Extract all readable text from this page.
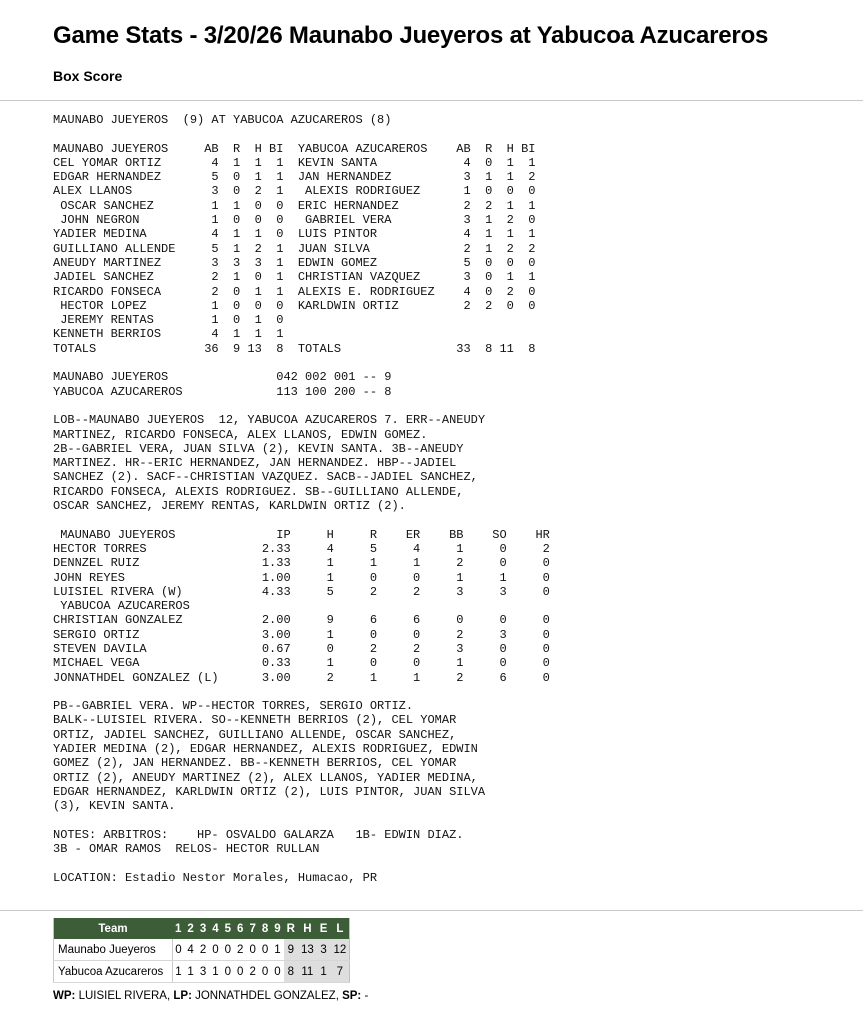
Game Stats - 3/20/26 Maunabo Jueyeros at Yabucoa Azucareros
Box Score
MAUNABO JUEYEROS  (9) AT YABUCOA AZUCAREROS (8)
MAUNABO JUEYEROS     AB  R  H BI  YABUCOA AZUCAREROS    AB  R  H BI
CEL YOMAR ORTIZ       4  1  1  1  KEVIN SANTA            4  0  1  1
EDGAR HERNANDEZ       5  0  1  1  JAN HERNANDEZ          3  1  1  2
ALEX LLANOS           3  0  2  1   ALEXIS RODRIGUEZ      1  0  0  0
OSCAR SANCHEZ        1  1  0  0  ERIC HERNANDEZ         2  2  1  1
JOHN NEGRON          1  0  0  0   GABRIEL VERA          3  1  2  0
YADIER MEDINA         4  1  1  0  LUIS PINTOR            4  1  1  1
GUILLIANO ALLENDE     5  1  2  1  JUAN SILVA             2  1  2  2
ANEUDY MARTINEZ       3  3  3  1  EDWIN GOMEZ            5  0  0  0
JADIEL SANCHEZ        2  1  0  1  CHRISTIAN VAZQUEZ      3  0  1  1
RICARDO FONSECA       2  0  1  1  ALEXIS E. RODRIGUEZ    4  0  2  0
HECTOR LOPEZ         1  0  0  0  KARLDWIN ORTIZ         2  2  0  0
JEREMY RENTAS        1  0  1  0
KENNETH BERRIOS       4  1  1  1
TOTALS               36  9 13  8  TOTALS                33  8 11  8
MAUNABO JUEYEROS               042 002 001 -- 9
YABUCOA AZUCAREROS             113 100 200 -- 8
LOB--MAUNABO JUEYEROS  12, YABUCOA AZUCAREROS 7. ERR--ANEUDY
MARTINEZ, RICARDO FONSECA, ALEX LLANOS, EDWIN GOMEZ.
2B--GABRIEL VERA, JUAN SILVA (2), KEVIN SANTA. 3B--ANEUDY
MARTINEZ. HR--ERIC HERNANDEZ, JAN HERNANDEZ. HBP--JADIEL
SANCHEZ (2). SACF--CHRISTIAN VAZQUEZ. SACB--JADIEL SANCHEZ,
RICARDO FONSECA, ALEXIS RODRIGUEZ. SB--GUILLIANO ALLENDE,
OSCAR SANCHEZ, JEREMY RENTAS, KARLDWIN ORTIZ (2).
MAUNABO JUEYEROS              IP     H     R    ER    BB    SO    HR
HECTOR TORRES                2.33     4     5     4     1     0     2
DENNZEL RUIZ                 1.33     1     1     1     2     0     0
JOHN REYES                   1.00     1     0     0     1     1     0
LUISIEL RIVERA (W)           4.33     5     2     2     3     3     0
YABUCOA AZUCAREROS
CHRISTIAN GONZALEZ           2.00     9     6     6     0     0     0
SERGIO ORTIZ                 3.00     1     0     0     2     3     0
STEVEN DAVILA                0.67     0     2     2     3     0     0
MICHAEL VEGA                 0.33     1     0     0     1     0     0
JONNATHDEL GONZALEZ (L)      3.00     2     1     1     2     6     0
PB--GABRIEL VERA. WP--HECTOR TORRES, SERGIO ORTIZ.
BALK--LUISIEL RIVERA. SO--KENNETH BERRIOS (2), CEL YOMAR
ORTIZ, JADIEL SANCHEZ, GUILLIANO ALLENDE, OSCAR SANCHEZ,
YADIER MEDINA (2), EDGAR HERNANDEZ, ALEXIS RODRIGUEZ, EDWIN
GOMEZ (2), JAN HERNANDEZ. BB--KENNETH BERRIOS, CEL YOMAR
ORTIZ (2), ANEUDY MARTINEZ (2), ALEX LLANOS, YADIER MEDINA,
EDGAR HERNANDEZ, KARLDWIN ORTIZ (2), LUIS PINTOR, JUAN SILVA
(3), KEVIN SANTA.
NOTES: ARBITROS:    HP- OSVALDO GALARZA   1B- EDWIN DIAZ.
3B - OMAR RAMOS  RELOS- HECTOR RULLAN
LOCATION: Estadio Nestor Morales, Humacao, PR
Team	1	2	3	4	5	6	7	8	9	R	H	E	L
Maunabo Jueyeros	0	4	2	0	0	2	0	0	1	9	13	3	12
Yabucoa Azucareros	1	1	3	1	0	0	2	0	0	8	11	1	7
WP: LUISIEL RIVERA, LP: JONNATHDEL GONZALEZ, SP: -
